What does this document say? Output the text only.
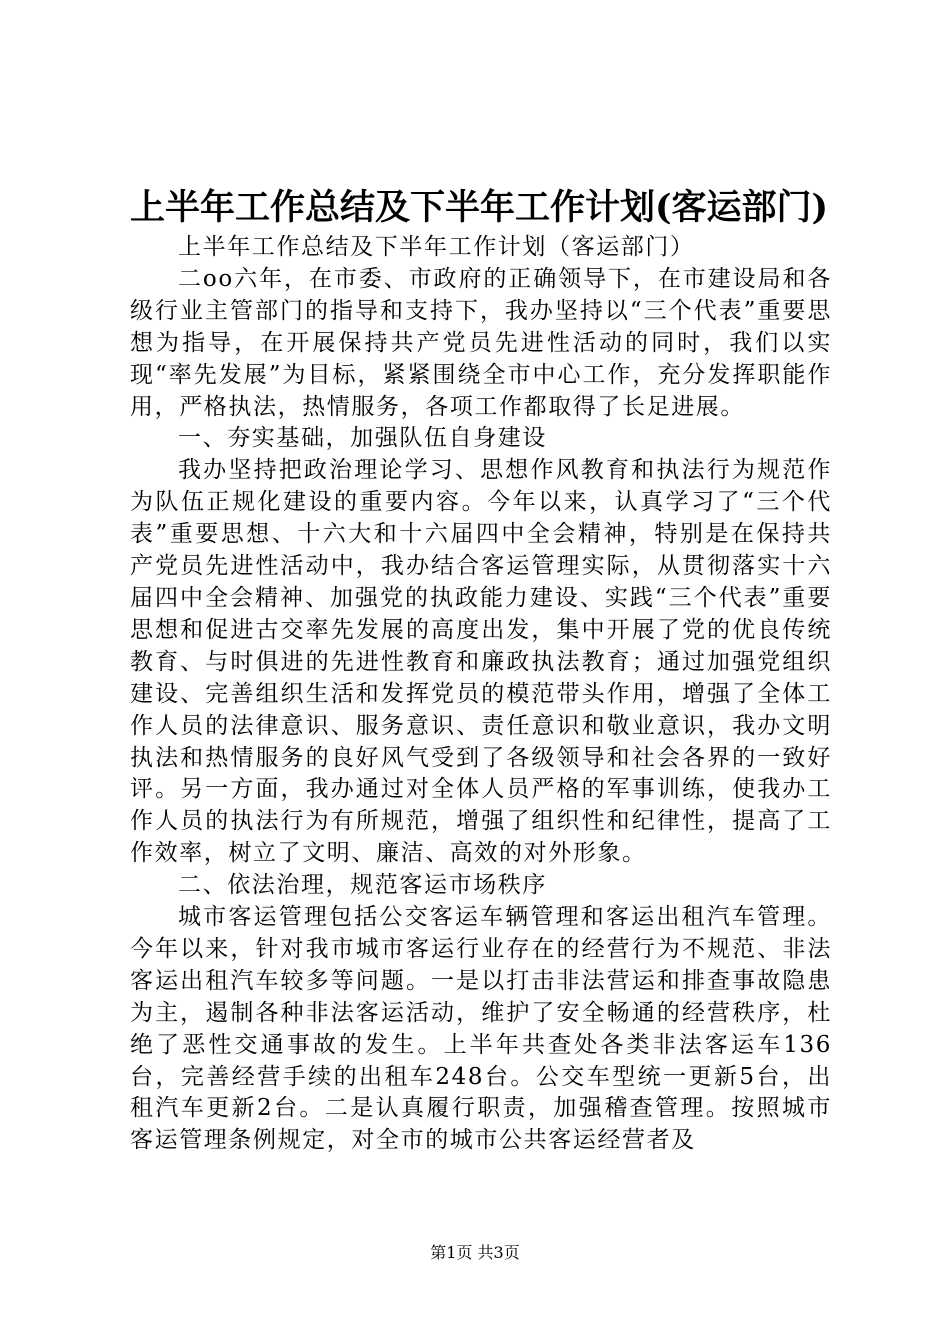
上半年工作总结及下半年工作计划(客运部门)

上半年工作总结及下半年工作计划（客运部门）

二oo六年，在市委、市政府的正确领导下，在市建设局和各级行业主管部门的指导和支持下，我办坚持以“三个代表”重要思想为指导，在开展保持共产党员先进性活动的同时，我们以实现“率先发展”为目标，紧紧围绕全市中心工作，充分发挥职能作用，严格执法，热情服务，各项工作都取得了长足进展。

一、夯实基础，加强队伍自身建设

我办坚持把政治理论学习、思想作风教育和执法行为规范作为队伍正规化建设的重要内容。今年以来，认真学习了“三个代表”重要思想、十六大和十六届四中全会精神，特别是在保持共产党员先进性活动中，我办结合客运管理实际，从贯彻落实十六届四中全会精神、加强党的执政能力建设、实践“三个代表”重要思想和促进古交率先发展的高度出发，集中开展了党的优良传统教育、与时俱进的先进性教育和廉政执法教育；通过加强党组织建设、完善组织生活和发挥党员的模范带头作用，增强了全体工作人员的法律意识、服务意识、责任意识和敬业意识，我办文明执法和热情服务的良好风气受到了各级领导和社会各界的一致好评。另一方面，我办通过对全体人员严格的军事训练，使我办工作人员的执法行为有所规范，增强了组织性和纪律性，提高了工作效率，树立了文明、廉洁、高效的对外形象。

二、依法治理，规范客运市场秩序

城市客运管理包括公交客运车辆管理和客运出租汽车管理。今年以来，针对我市城市客运行业存在的经营行为不规范、非法客运出租汽车较多等问题。一是以打击非法营运和排查事故隐患为主，遏制各种非法客运活动，维护了安全畅通的经营秩序，杜绝了恶性交通事故的发生。上半年共查处各类非法客运车136台，完善经营手续的出租车248台。公交车型统一更新5台，出租汽车更新2台。二是认真履行职责，加强稽查管理。按照城市客运管理条例规定，对全市的城市公共客运经营者及

第1页 共3页
